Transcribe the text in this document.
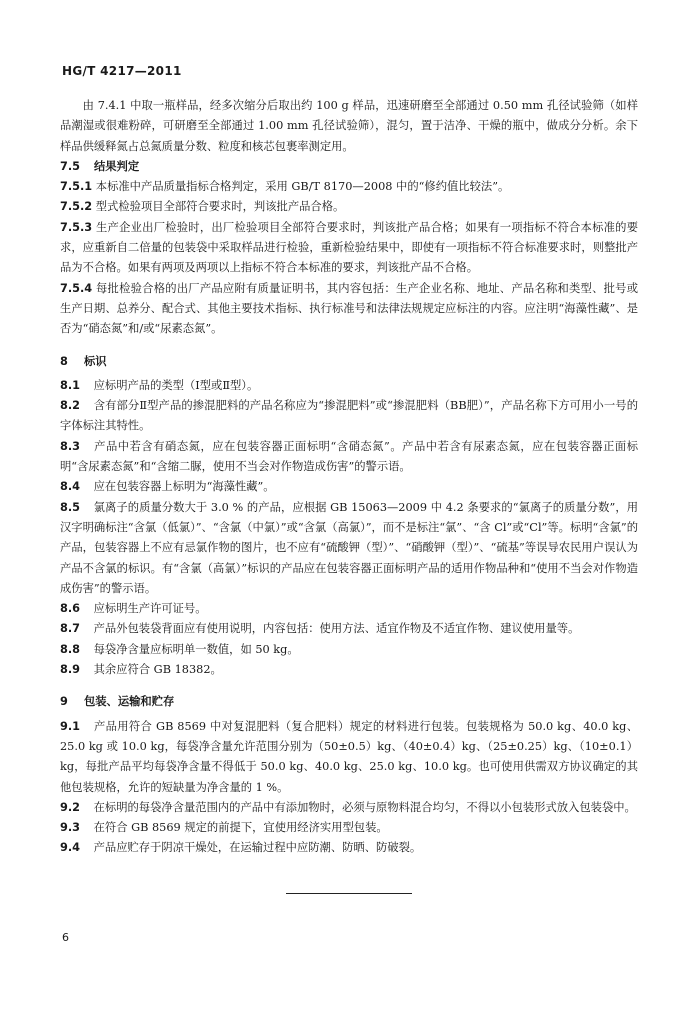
HG/T 4217—2011

由 7.4.1 中取一瓶样品，经多次缩分后取出约 100 g 样品，迅速研磨至全部通过 0.50 mm 孔径试验筛（如样品潮湿或很难粉碎，可研磨至全部通过 1.00 mm 孔径试验筛），混匀，置于洁净、干燥的瓶中，做成分分析。余下样品供缓释氮占总氮质量分数、粒度和核芯包裹率测定用。

7.5 结果判定

7.5.1 本标准中产品质量指标合格判定，采用 GB/T 8170—2008 中的“修约值比较法”。

7.5.2 型式检验项目全部符合要求时，判该批产品合格。

7.5.3 生产企业出厂检验时，出厂检验项目全部符合要求时，判该批产品合格；如果有一项指标不符合本标准的要求，应重新自二倍量的包装袋中采取样品进行检验，重新检验结果中，即使有一项指标不符合标准要求时，则整批产品为不合格。如果有两项及两项以上指标不符合本标准的要求，判该批产品不合格。

7.5.4 每批检验合格的出厂产品应附有质量证明书，其内容包括：生产企业名称、地址、产品名称和类型、批号或生产日期、总养分、配合式、其他主要技术指标、执行标准号和法律法规规定应标注的内容。应注明“海藻性藏”、是否为“硝态氮”和/或“尿素态氮”。

8 标识

8.1 应标明产品的类型（Ⅰ型或Ⅱ型）。

8.2 含有部分Ⅱ型产品的掺混肥料的产品名称应为“掺混肥料”或“掺混肥料（BB肥）”，产品名称下方可用小一号的字体标注其特性。

8.3 产品中若含有硝态氮，应在包装容器正面标明“含硝态氮”。产品中若含有尿素态氮，应在包装容器正面标明“含尿素态氮”和“含缩二脲，使用不当会对作物造成伤害”的警示语。

8.4 应在包装容器上标明为“海藻性藏”。

8.5 氯离子的质量分数大于 3.0 % 的产品，应根据 GB 15063—2009 中 4.2 条要求的“氯离子的质量分数”，用汉字明确标注“含氯（低氯）”、“含氯（中氯）”或“含氯（高氯）”，而不是标注“氯”、“含 Cl”或“Cl”等。标明“含氯”的产品，包装容器上不应有忌氯作物的图片，也不应有“硫酸钾（型）”、“硝酸钾（型）”、“硫基”等误导农民用户误认为产品不含氯的标识。有“含氯（高氯）”标识的产品应在包装容器正面标明产品的适用作物品种和“使用不当会对作物造成伤害”的警示语。

8.6 应标明生产许可证号。

8.7 产品外包装袋背面应有使用说明，内容包括：使用方法、适宜作物及不适宜作物、建议使用量等。

8.8 每袋净含量应标明单一数值，如 50 kg。

8.9 其余应符合 GB 18382。

9 包装、运输和贮存

9.1 产品用符合 GB 8569 中对复混肥料（复合肥料）规定的材料进行包装。包装规格为 50.0 kg、40.0 kg、25.0 kg 或 10.0 kg，每袋净含量允许范围分别为（50±0.5）kg、（40±0.4）kg、（25±0.25）kg、（10±0.1）kg，每批产品平均每袋净含量不得低于 50.0 kg、40.0 kg、25.0 kg、10.0 kg。也可使用供需双方协议确定的其他包装规格，允许的短缺量为净含量的 1 %。

9.2 在标明的每袋净含量范围内的产品中有添加物时，必须与原物料混合均匀，不得以小包装形式放入包装袋中。

9.3 在符合 GB 8569 规定的前提下，宜使用经济实用型包装。

9.4 产品应贮存于阴凉干燥处，在运输过程中应防潮、防晒、防破裂。

6
